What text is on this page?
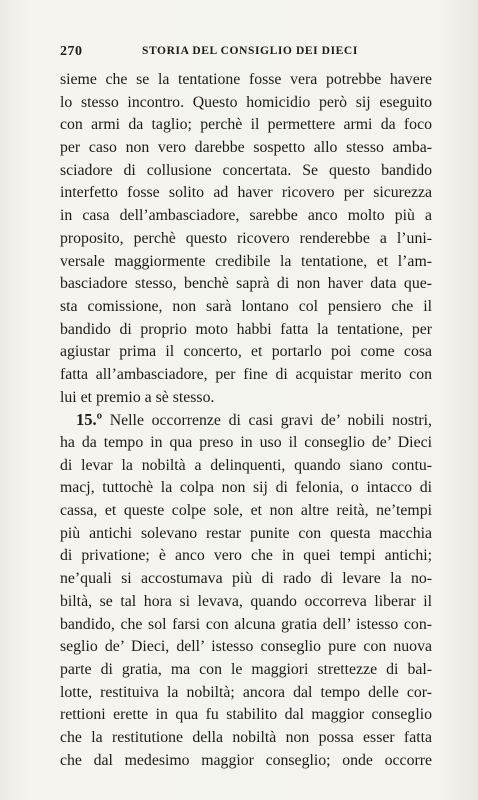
270	STORIA DEL CONSIGLIO DEI DIECI
sieme che se la tentatione fosse vera potrebbe havere
lo stesso incontro. Questo homicidio però sij eseguito
con armi da taglio; perchè il permettere armi da foco
per caso non vero darebbe sospetto allo stesso amba-
sciadore di collusione concertata. Se questo bandido
interfetto fosse solito ad haver ricovero per sicurezza
in casa dell’ambasciadore, sarebbe anco molto più a
proposito, perchè questo ricovero renderebbe a l’uni-
versale maggiormente credibile la tentatione, et l’am-
basciadore stesso, benchè saprà di non haver data que-
sta comissione, non sarà lontano col pensiero che il
bandido di proprio moto habbi fatta la tentatione, per
agiustar prima il concerto, et portarlo poi come cosa
fatta all’ambasciadore, per fine di acquistar merito con
lui et premio a sè stesso.
15.º Nelle occorrenze di casi gravi de’ nobili nostri,
ha da tempo in qua preso in uso il conseglio de’ Dieci
di levar la nobiltà a delinquenti, quando siano contu-
macj, tuttochè la colpa non sij di felonia, o intacco di
cassa, et queste colpe sole, et non altre reità, ne’tempi
più antichi solevano restar punite con questa macchia
di privatione; è anco vero che in quei tempi antichi;
ne’quali si accostumava più di rado di levare la no-
biltà, se tal hora si levava, quando occorreva liberar il
bandido, che sol farsi con alcuna gratia dell’ istesso con-
seglio de’ Dieci, dell’ istesso conseglio pure con nuova
parte di gratia, ma con le maggiori strettezze di bal-
lotte, restituiva la nobiltà; ancora dal tempo delle cor-
rettioni erette in qua fu stabilito dal maggior conseglio
che la restitutione della nobiltà non possa esser fatta
che dal medesimo maggior conseglio; onde occorre
